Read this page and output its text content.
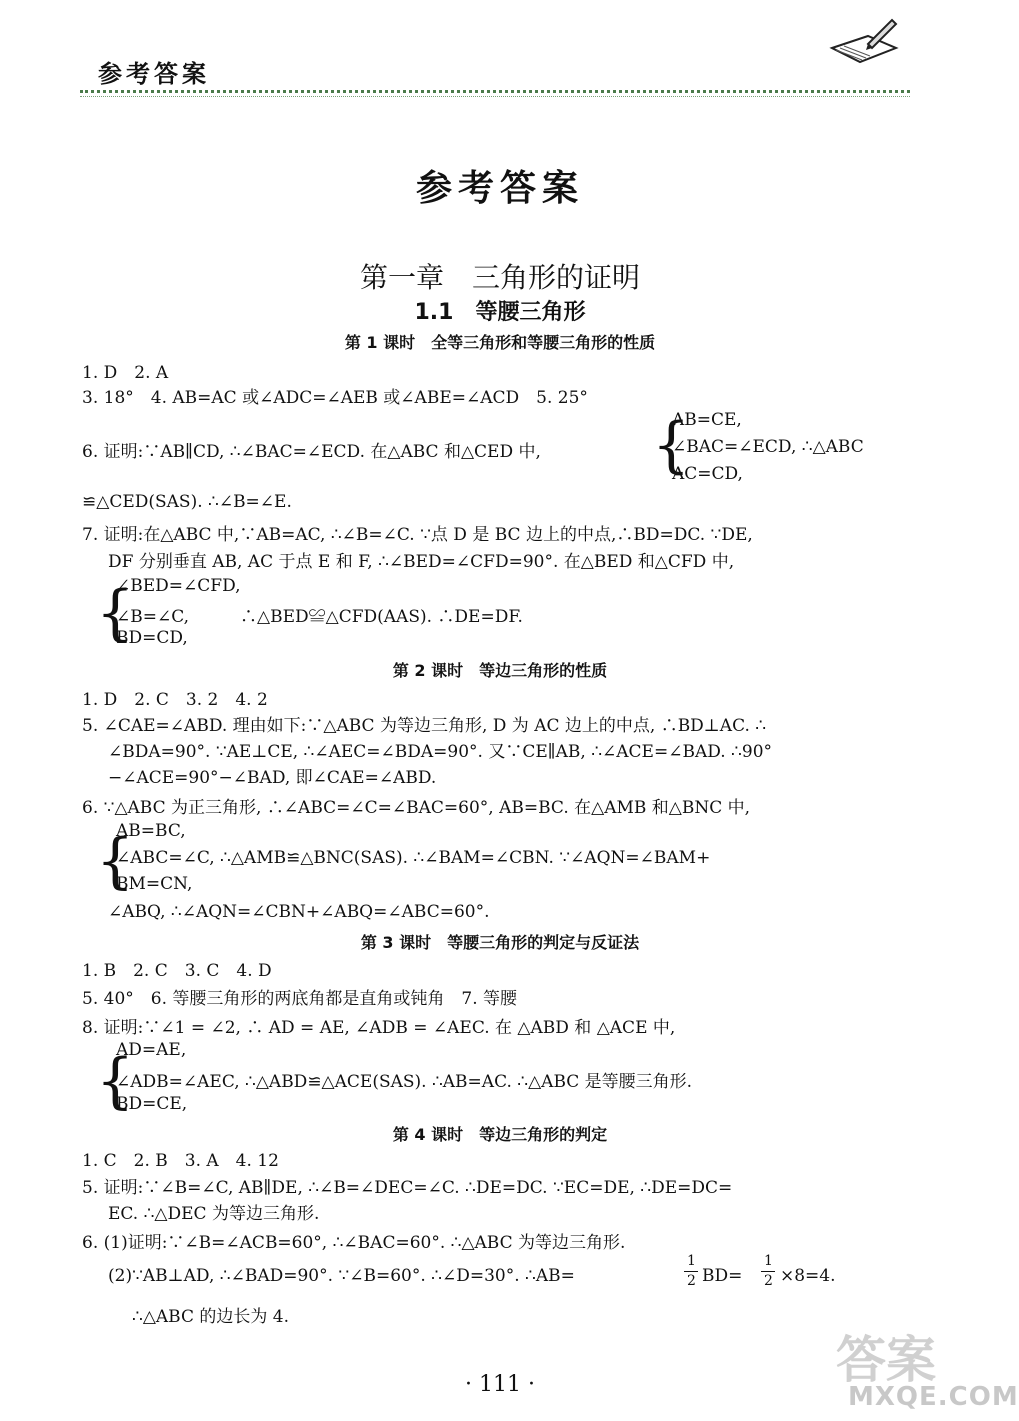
参考答案
参考答案
第一章　三角形的证明
1.1　等腰三角形
第 1 课时　全等三角形和等腰三角形的性质
1. D　2. A
3. 18°　4. AB=AC 或∠ADC=∠AEB 或∠ABE=∠ACD　5. 25°
AB=CE,
{
6. 证明:∵AB∥CD, ∴∠BAC=∠ECD. 在△ABC 和△CED 中,	∠BAC=∠ECD, ∴△ABC
AC=CD,
≌△CED(SAS). ∴∠B=∠E.
7. 证明:在△ABC 中,∵AB=AC, ∴∠B=∠C. ∵点 D 是 BC 边上的中点,∴BD=DC. ∵DE,
DF 分别垂直 AB, AC 于点 E 和 F, ∴∠BED=∠CFD=90°. 在△BED 和△CFD 中,
{
∠BED=∠CFD,
∠B=∠C,　　　∴△BED≌△CFD(AAS). ∴DE=DF.
BD=CD,
第 2 课时　等边三角形的性质
1. D　2. C　3. 2　4. 2
5. ∠CAE=∠ABD. 理由如下:∵△ABC 为等边三角形, D 为 AC 边上的中点, ∴BD⊥AC. ∴
∠BDA=90°. ∵AE⊥CE, ∴∠AEC=∠BDA=90°. 又∵CE∥AB, ∴∠ACE=∠BAD. ∴90°
−∠ACE=90°−∠BAD, 即∠CAE=∠ABD.
6. ∵△ABC 为正三角形, ∴∠ABC=∠C=∠BAC=60°, AB=BC. 在△AMB 和△BNC 中,
{
AB=BC,
∠ABC=∠C, ∴△AMB≌△BNC(SAS). ∴∠BAM=∠CBN. ∵∠AQN=∠BAM+
BM=CN,
∠ABQ, ∴∠AQN=∠CBN+∠ABQ=∠ABC=60°.
第 3 课时　等腰三角形的判定与反证法
1. B　2. C　3. C　4. D
5. 40°　6. 等腰三角形的两底角都是直角或钝角　7. 等腰
8. 证明:∵∠1 = ∠2, ∴ AD = AE, ∠ADB = ∠AEC. 在 △ABD 和 △ACE 中,
{
AD=AE,
∠ADB=∠AEC, ∴△ABD≌△ACE(SAS). ∴AB=AC. ∴△ABC 是等腰三角形.
BD=CE,
第 4 课时　等边三角形的判定
1. C　2. B　3. A　4. 12
5. 证明:∵∠B=∠C, AB∥DE, ∴∠B=∠DEC=∠C. ∴DE=DC. ∵EC=DE, ∴DE=DC=
EC. ∴△DEC 为等边三角形.
6. (1)证明:∵∠B=∠ACB=60°, ∴∠BAC=60°. ∴△ABC 为等边三角形.
(2)∵AB⊥AD, ∴∠BAD=90°. ∵∠B=60°. ∴∠D=30°. ∴AB=
1
2 BD=
1
2 ×8=4.
∴△ABC 的边长为 4.
· 111 ·	答案
MXQE.COM
